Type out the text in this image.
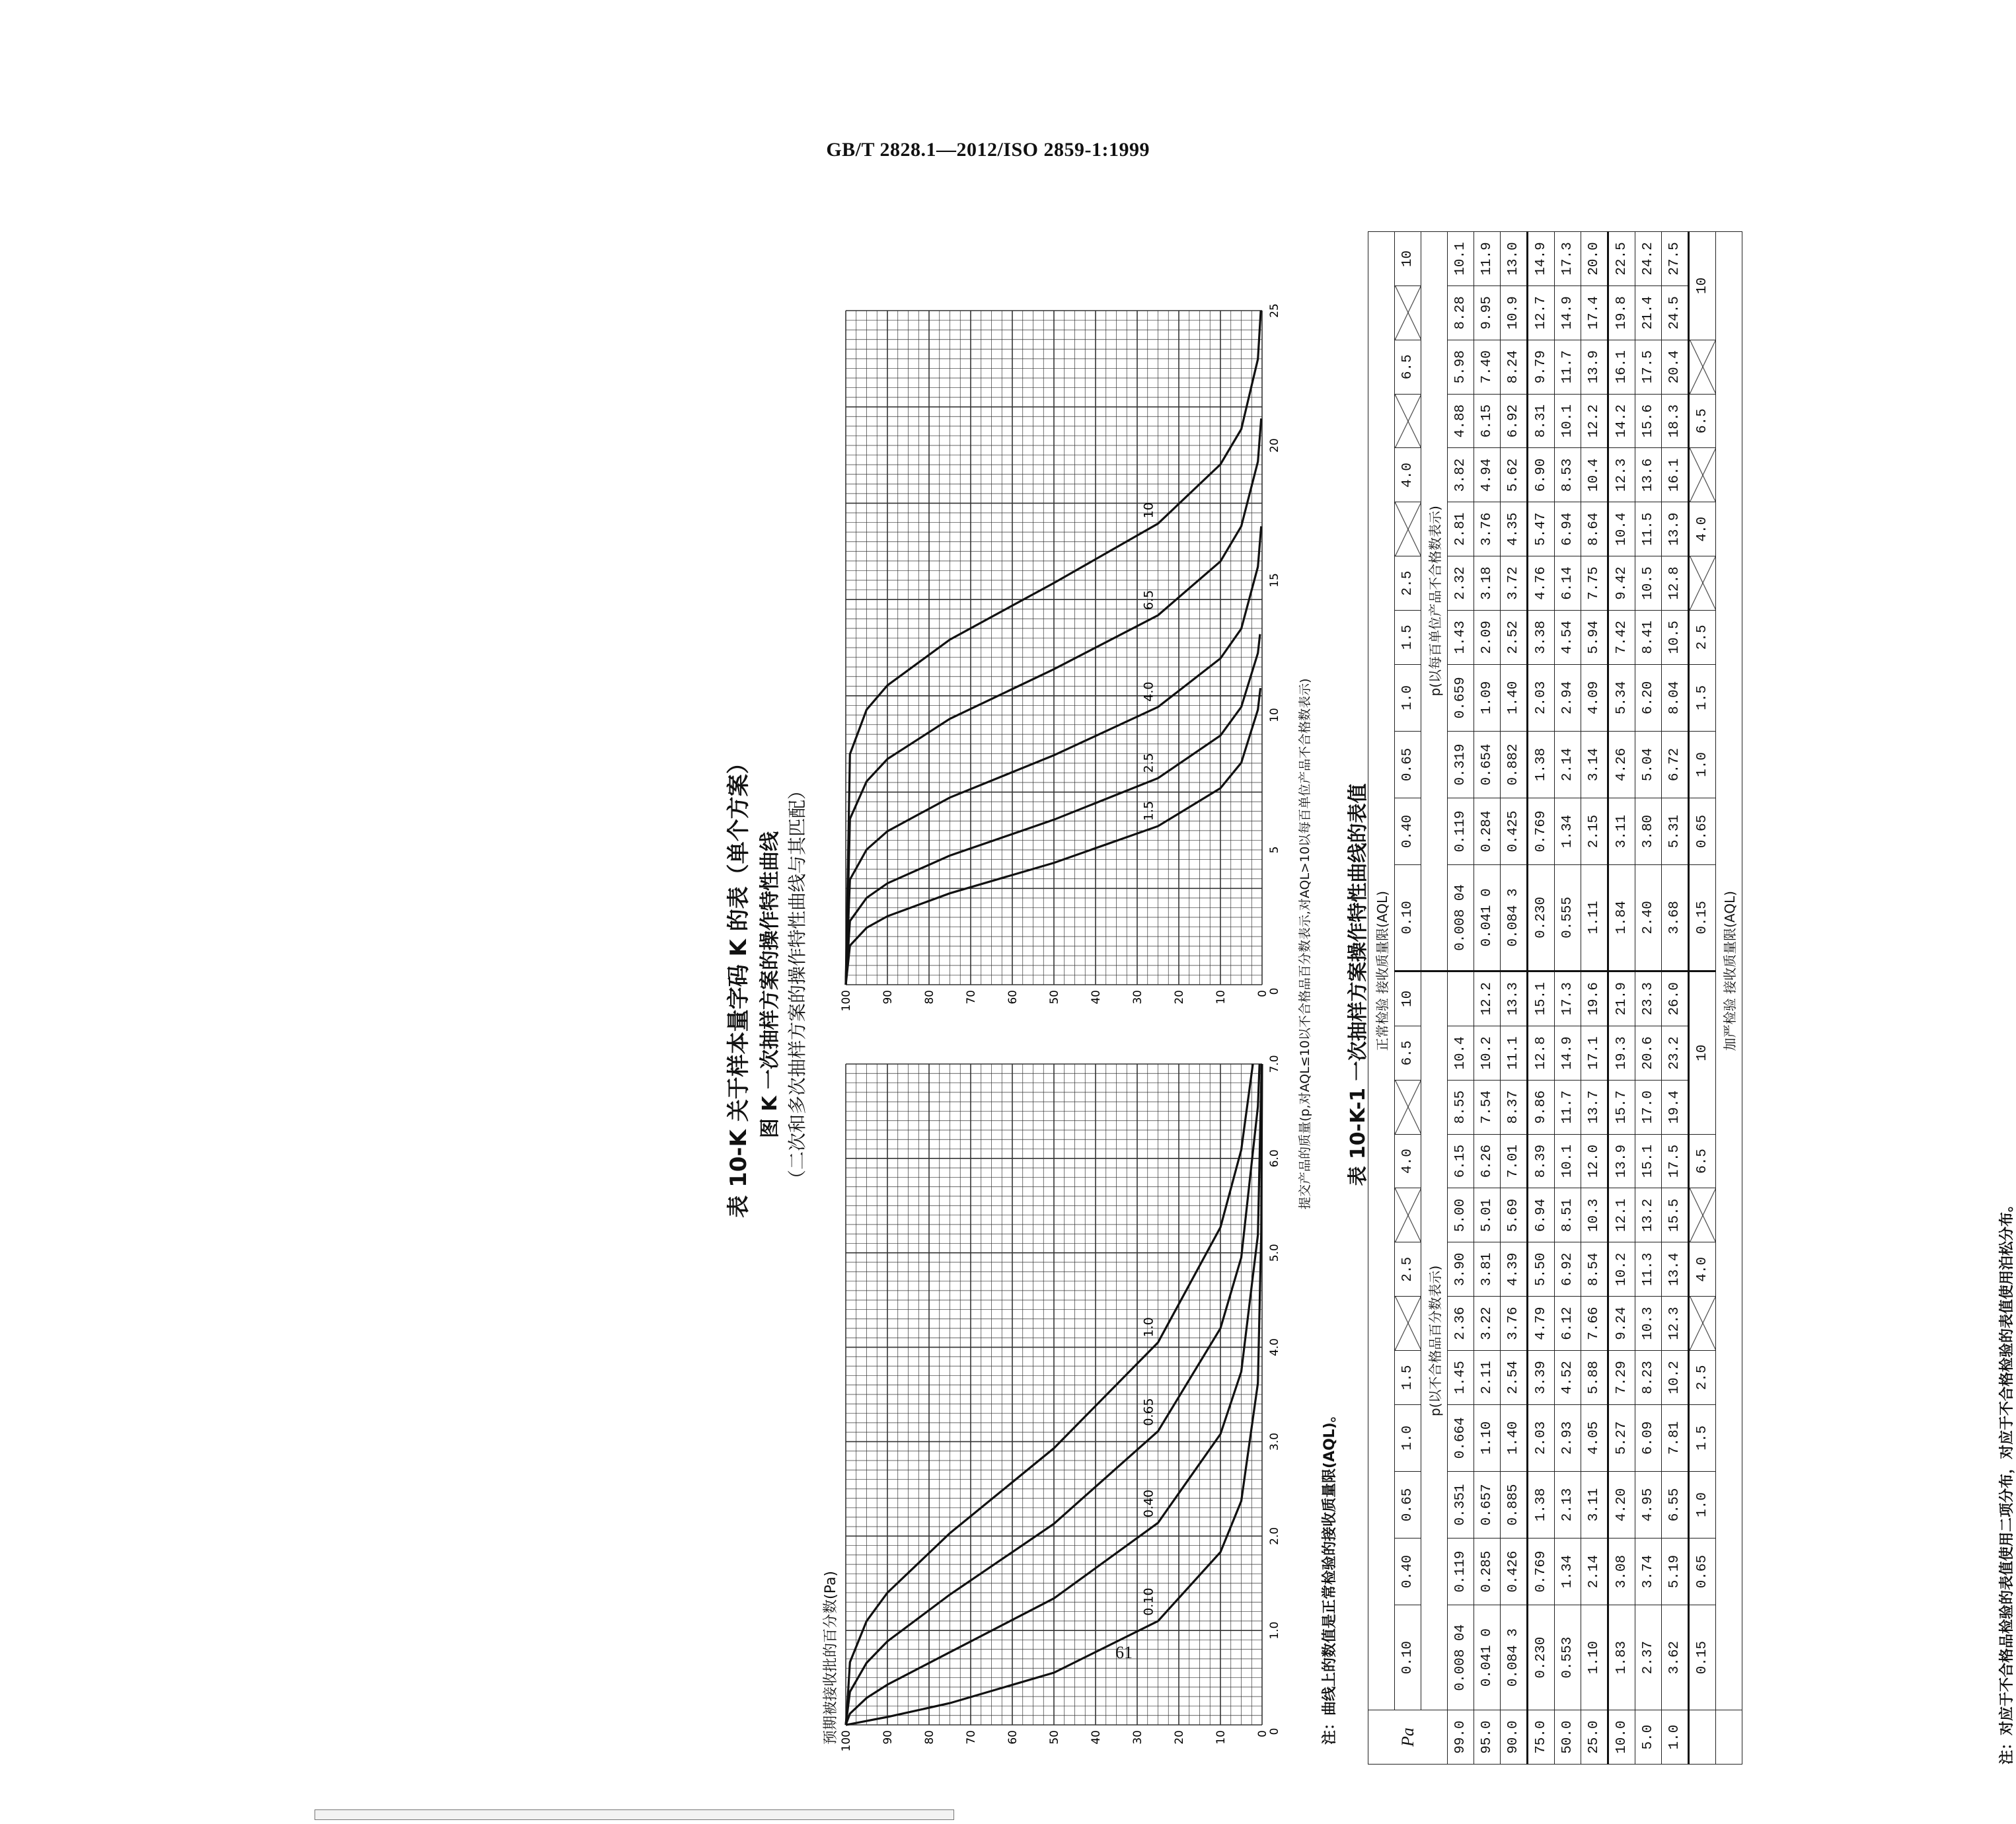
GB/T 2828.1—2012/ISO 2859-1:1999
表 10-K 关于样本量字码 K 的表（单个方案） 图 K 一次抽样方案的操作特性曲线 （二次和多次抽样方案的操作特性曲线与其匹配）
预期被接收批的百分数(Pa)	0
10
20
30
40
50
60
70
80
90
100
1.0
2.0
3.0
4.0
5.0
6.0
7.0
0
0.10
0.40
0.65
1.0
0
10
20
30
40
50
60
70
80
90
100
5
10
15
20
25
0
1.5
2.5
4.0
6.5
10
提交产品的质量(p,对AQL≤10以不合格品百分数表示,对AQL>10以每百单位产品不合格数表示)
注：曲线上的数值是正常检验的接收质量限(AQL)。
表 10-K-1 一次抽样方案操作特性曲线的表值
Pa	正常检验 接收质量限(AQL)																							
	0.10	0.40	0.65	1.0	1.5		2.5		4.0		6.5	10	0.10	0.40	0.65	1.0	1.5	2.5		4.0		6.5		10
	p(以不合格品百分数表示)												p(以每百单位产品不合格数表示)											
99.0	0.008 04	0.119	0.351	0.664	1.45	2.36	3.90	5.00	6.15	8.55	10.4		0.008 04	0.119	0.319	0.659	1.43	2.32	2.81	3.82	4.88	5.98	8.28	10.1
95.0	0.041 0	0.285	0.657	1.10	2.11	3.22	3.81	5.01	6.26	7.54	10.2	12.2	0.041 0	0.284	0.654	1.09	2.09	3.18	3.76	4.94	6.15	7.40	9.95	11.9
90.0	0.084 3	0.426	0.885	1.40	2.54	3.76	4.39	5.69	7.01	8.37	11.1	13.3	0.084 3	0.425	0.882	1.40	2.52	3.72	4.35	5.62	6.92	8.24	10.9	13.0
75.0	0.230	0.769	1.38	2.03	3.39	4.79	5.50	6.94	8.39	9.86	12.8	15.1	0.230	0.769	1.38	2.03	3.38	4.76	5.47	6.90	8.31	9.79	12.7	14.9
50.0	0.553	1.34	2.13	2.93	4.52	6.12	6.92	8.51	10.1	11.7	14.9	17.3	0.555	1.34	2.14	2.94	4.54	6.14	6.94	8.53	10.1	11.7	14.9	17.3
25.0	1.10	2.14	3.11	4.05	5.88	7.66	8.54	10.3	12.0	13.7	17.1	19.6	1.11	2.15	3.14	4.09	5.94	7.75	8.64	10.4	12.2	13.9	17.4	20.0
10.0	1.83	3.08	4.20	5.27	7.29	9.24	10.2	12.1	13.9	15.7	19.3	21.9	1.84	3.11	4.26	5.34	7.42	9.42	10.4	12.3	14.2	16.1	19.8	22.5
5.0	2.37	3.74	4.95	6.09	8.23	10.3	11.3	13.2	15.1	17.0	20.6	23.3	2.40	3.80	5.04	6.20	8.41	10.5	11.5	13.6	15.6	17.5	21.4	24.2
1.0	3.62	5.19	6.55	7.81	10.2	12.3	13.4	15.5	17.5	19.4	23.2	26.0	3.68	5.31	6.72	8.04	10.5	12.8	13.9	16.1	18.3	20.4	24.5	27.5
	0.15	0.65	1.0	1.5	2.5		4.0		6.5	10			0.15	0.65	1.0	1.5	2.5		4.0		6.5		10	
	加严检验 接收质量限(AQL)																							
注：对应于不合格品检验的表值使用二项分布，对应于不合格检验的表值使用泊松分布。
61
